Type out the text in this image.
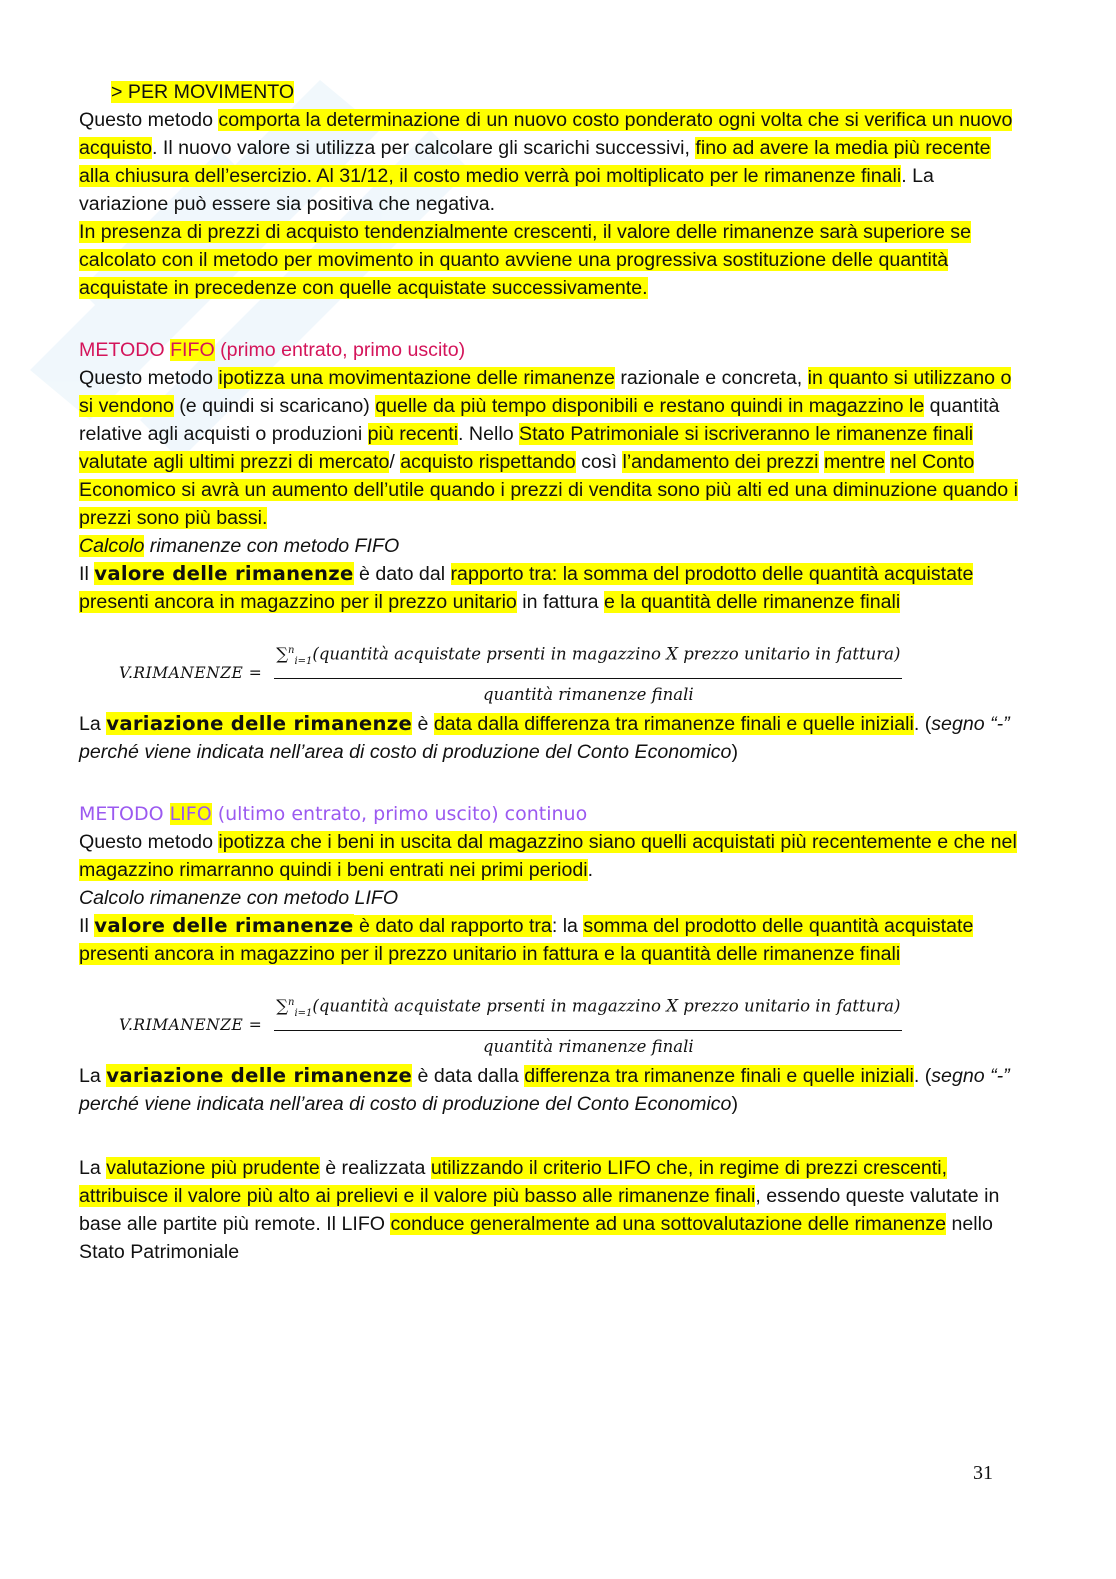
> PER MOVIMENTO

Questo metodo comporta la determinazione di un nuovo costo ponderato ogni volta che si verifica un nuovo acquisto. Il nuovo valore si utilizza per calcolare gli scarichi successivi, fino ad avere la media più recente alla chiusura dell’esercizio. Al 31/12, il costo medio verrà poi moltiplicato per le rimanenze finali. La variazione può essere sia positiva che negativa.

In presenza di prezzi di acquisto tendenzialmente crescenti, il valore delle rimanenze sarà superiore se calcolato con il metodo per movimento in quanto avviene una progressiva sostituzione delle quantità acquistate in precedenze con quelle acquistate successivamente.

METODO FIFO (primo entrato, primo uscito)

Questo metodo ipotizza una movimentazione delle rimanenze razionale e concreta, in quanto si utilizzano o si vendono (e quindi si scaricano) quelle da più tempo disponibili e restano quindi in magazzino le quantità relative agli acquisti o produzioni più recenti. Nello Stato Patrimoniale si iscriveranno le rimanenze finali valutate agli ultimi prezzi di mercato/ acquisto rispettando così l’andamento dei prezzi mentre nel Conto Economico si avrà un aumento dell’utile quando i prezzi di vendita sono più alti ed una diminuzione quando i prezzi sono più bassi.

Calcolo rimanenze con metodo FIFO

Il valore delle rimanenze è dato dal rapporto tra: la somma del prodotto delle quantità acquistate presenti ancora in magazzino per il prezzo unitario in fattura e la quantità delle rimanenze finali

V.RIMANENZE =
∑$^n_{i=1}$(quantità acquistate prsenti in magazzino X prezzo unitario in fattura)
quantità rimanenze finali

La variazione delle rimanenze è data dalla differenza tra rimanenze finali e quelle iniziali. (segno “-” perché viene indicata nell’area di costo di produzione del Conto Economico)

METODO LIFO (ultimo entrato, primo uscito) continuo

Questo metodo ipotizza che i beni in uscita dal magazzino siano quelli acquistati più recentemente e che nel magazzino rimarranno quindi i beni entrati nei primi periodi.

Calcolo rimanenze con metodo LIFO

Il valore delle rimanenze è dato dal rapporto tra: la somma del prodotto delle quantità acquistate presenti ancora in magazzino per il prezzo unitario in fattura e la quantità delle rimanenze finali

V.RIMANENZE =
∑$^n_{i=1}$(quantità acquistate prsenti in magazzino X prezzo unitario in fattura)
quantità rimanenze finali

La variazione delle rimanenze è data dalla differenza tra rimanenze finali e quelle iniziali. (segno “-” perché viene indicata nell’area di costo di produzione del Conto Economico)

La valutazione più prudente è realizzata utilizzando il criterio LIFO che, in regime di prezzi crescenti, attribuisce il valore più alto ai prelievi e il valore più basso alle rimanenze finali, essendo queste valutate in base alle partite più remote. Il LIFO conduce generalmente ad una sottovalutazione delle rimanenze nello Stato Patrimoniale

31
